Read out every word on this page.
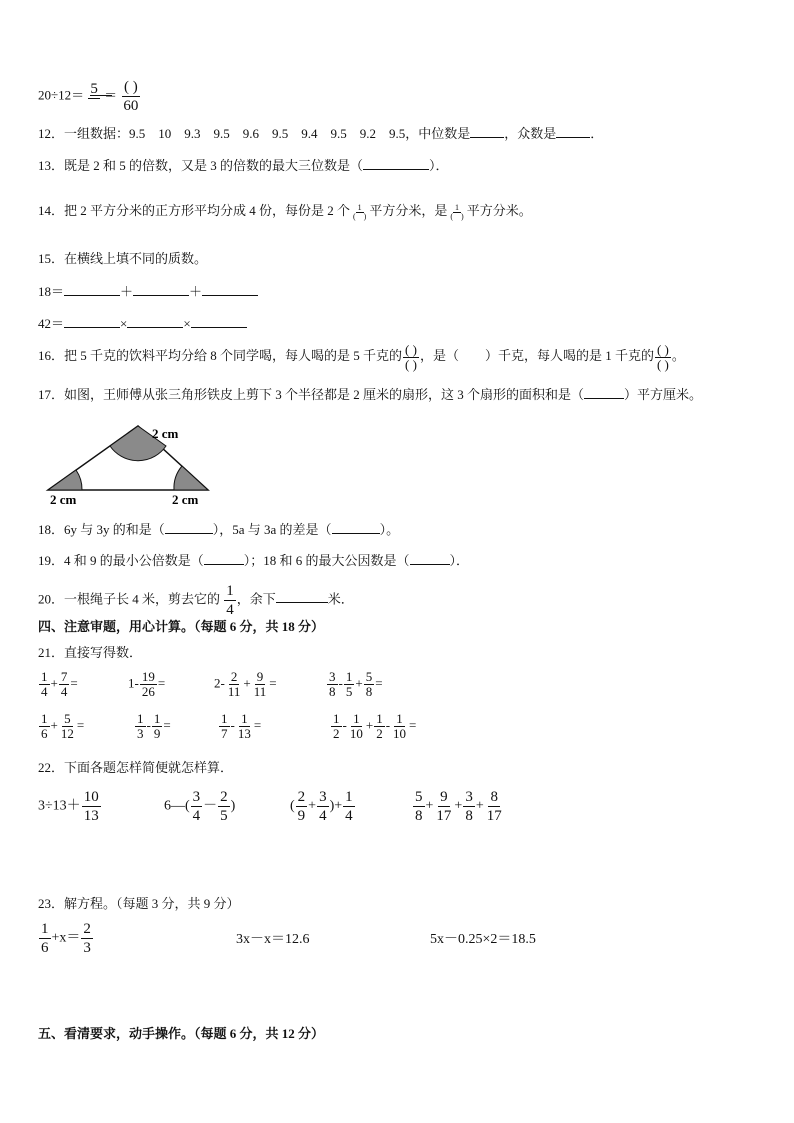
20÷12＝ 5 ＝ ( )
60
12．一组数据：9.5　10　9.3　9.5　9.6　9.5　9.4　9.5　9.2　9.5，中位数是	，众数是	．
13．既是 2 和 5 的倍数，又是 3 的倍数的最大三位数是（	）．
14．把 2 平方分米的正方形平均分成 4 份，每份是 2 个 1
(　) 平方分米，是 1
(　) 平方分米。
15．在横线上填不同的质数。
18＝	＋	＋
42＝	×	×
16．把 5 千克的饮料平均分给 8 个同学喝，每人喝的是 5 千克的 ( )
( )
，是（　　）千克，每人喝的是 1 千克的 ( )
( )
。
17．如图，王师傅从张三角形铁皮上剪下 3 个半径都是 2 厘米的扇形，这 3 个扇形的面积和是（	）平方厘米。
2 cm
2 cm	2 cm
18．6y 与 3y 的和是（	），5a 与 3a 的差是（	）。
19．4 和 9 的最小公倍数是（	）；18 和 6 的最大公因数是（	）．
20．一根绳子长 4 米，剪去它的 $\frac{1}{4}$ ，余下	米．
四、注意审题，用心计算。（每题 6 分，共 18 分）
21．直接写得数．
$\frac{1}{4} + \frac{7}{4}$ =	$1- \frac{19}{26}$ =	$2- \frac{2}{11} + \frac{9}{11}$ =	$\frac{3}{8} - \frac{1}{5} + \frac{5}{8}$ =
$\frac{1}{6} + \frac{5}{12}$ =	$\frac{1}{3} - \frac{1}{9}$ =	$\frac{1}{7} - \frac{1}{13}$ =	$\frac{1}{2} - \frac{1}{10} + \frac{1}{2} - \frac{1}{10}$ =
22．下面各题怎样简便就怎样算．
$3\div 13+ \frac{10}{13}$	6—( $\frac{3}{4} - \frac{2}{5}$ )	( $\frac{2}{9} + \frac{3}{4}$ )+ $\frac{1}{4}$	$\frac{5}{8} + \frac{9}{17} + \frac{3}{8} + \frac{8}{17}$
23．解方程。（每题 3 分，共 9 分）
$\frac{1}{6} +x= \frac{2}{3}$	3x－x＝12.6	5x－0.25×2＝18.5
五、看清要求，动手操作。（每题 6 分，共 12 分）
